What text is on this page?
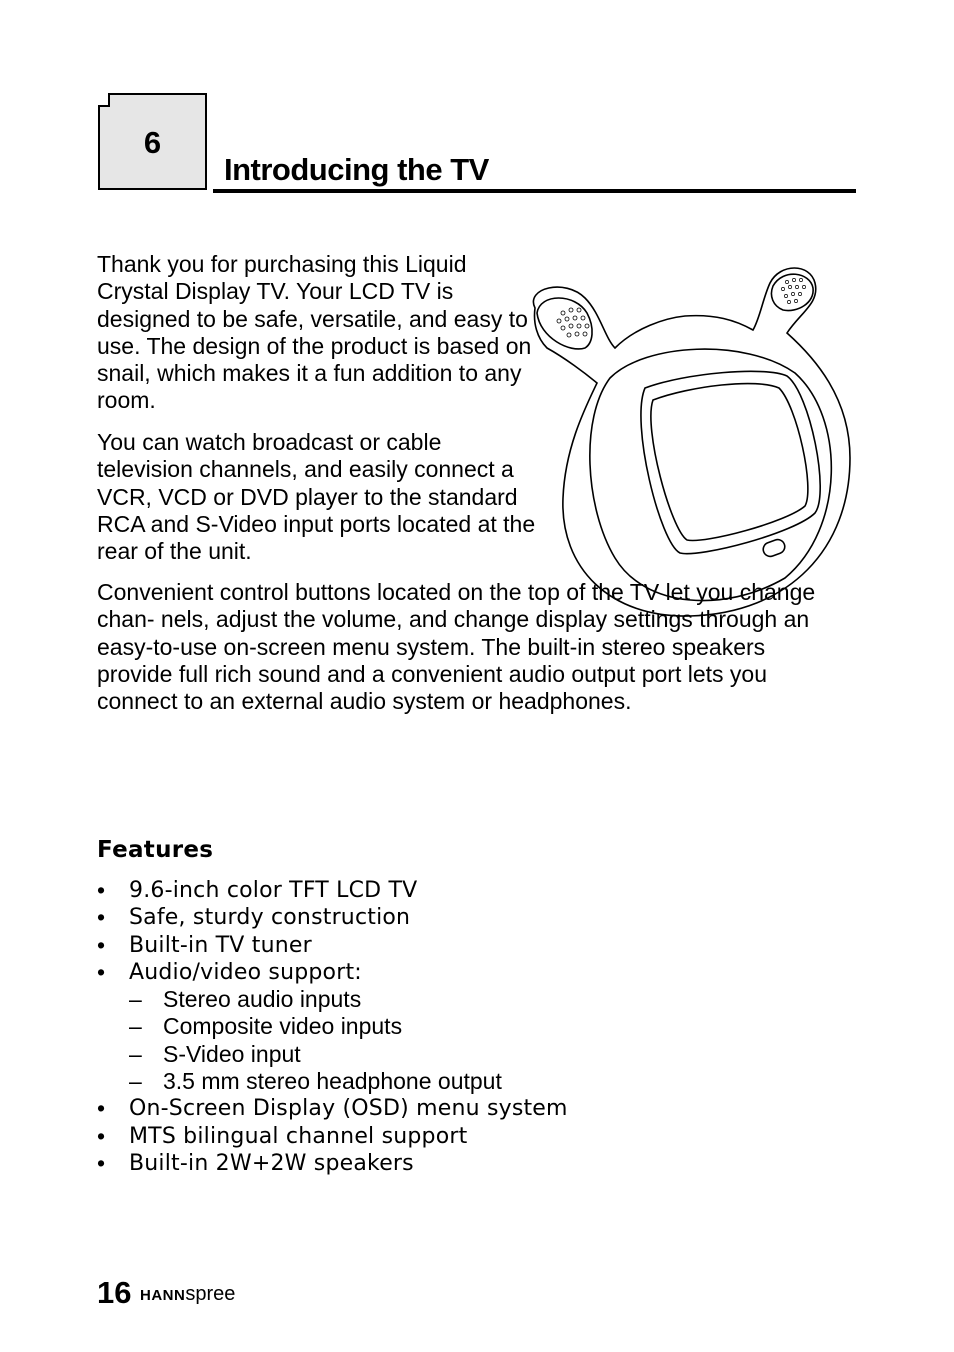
6
Introducing the TV

Thank you for purchasing this Liquid Crystal Display TV. Your LCD TV is designed to be safe, versatile, and easy to use. The design of the product is based on snail, which makes it a fun addition to any room.

You can watch broadcast or cable television channels, and easily connect a VCR, VCD or DVD player to the standard RCA and S-Video input ports located at the rear of the unit.

Convenient control buttons located on the top of the TV let you change chan- nels, adjust the volume, and change display settings through an easy-to-use on-screen menu system. The built-in stereo speakers provide full rich sound and a convenient audio output port lets you connect to an external audio system or headphones.

Features
• 9.6-inch color TFT LCD TV
• Safe, sturdy construction
• Built-in TV tuner
• Audio/video support:
– Stereo audio inputs
– Composite video inputs
– S-Video input
– 3.5 mm stereo headphone output
• On-Screen Display (OSD) menu system
• MTS bilingual channel support
• Built-in 2W+2W speakers
16 HANNspree
